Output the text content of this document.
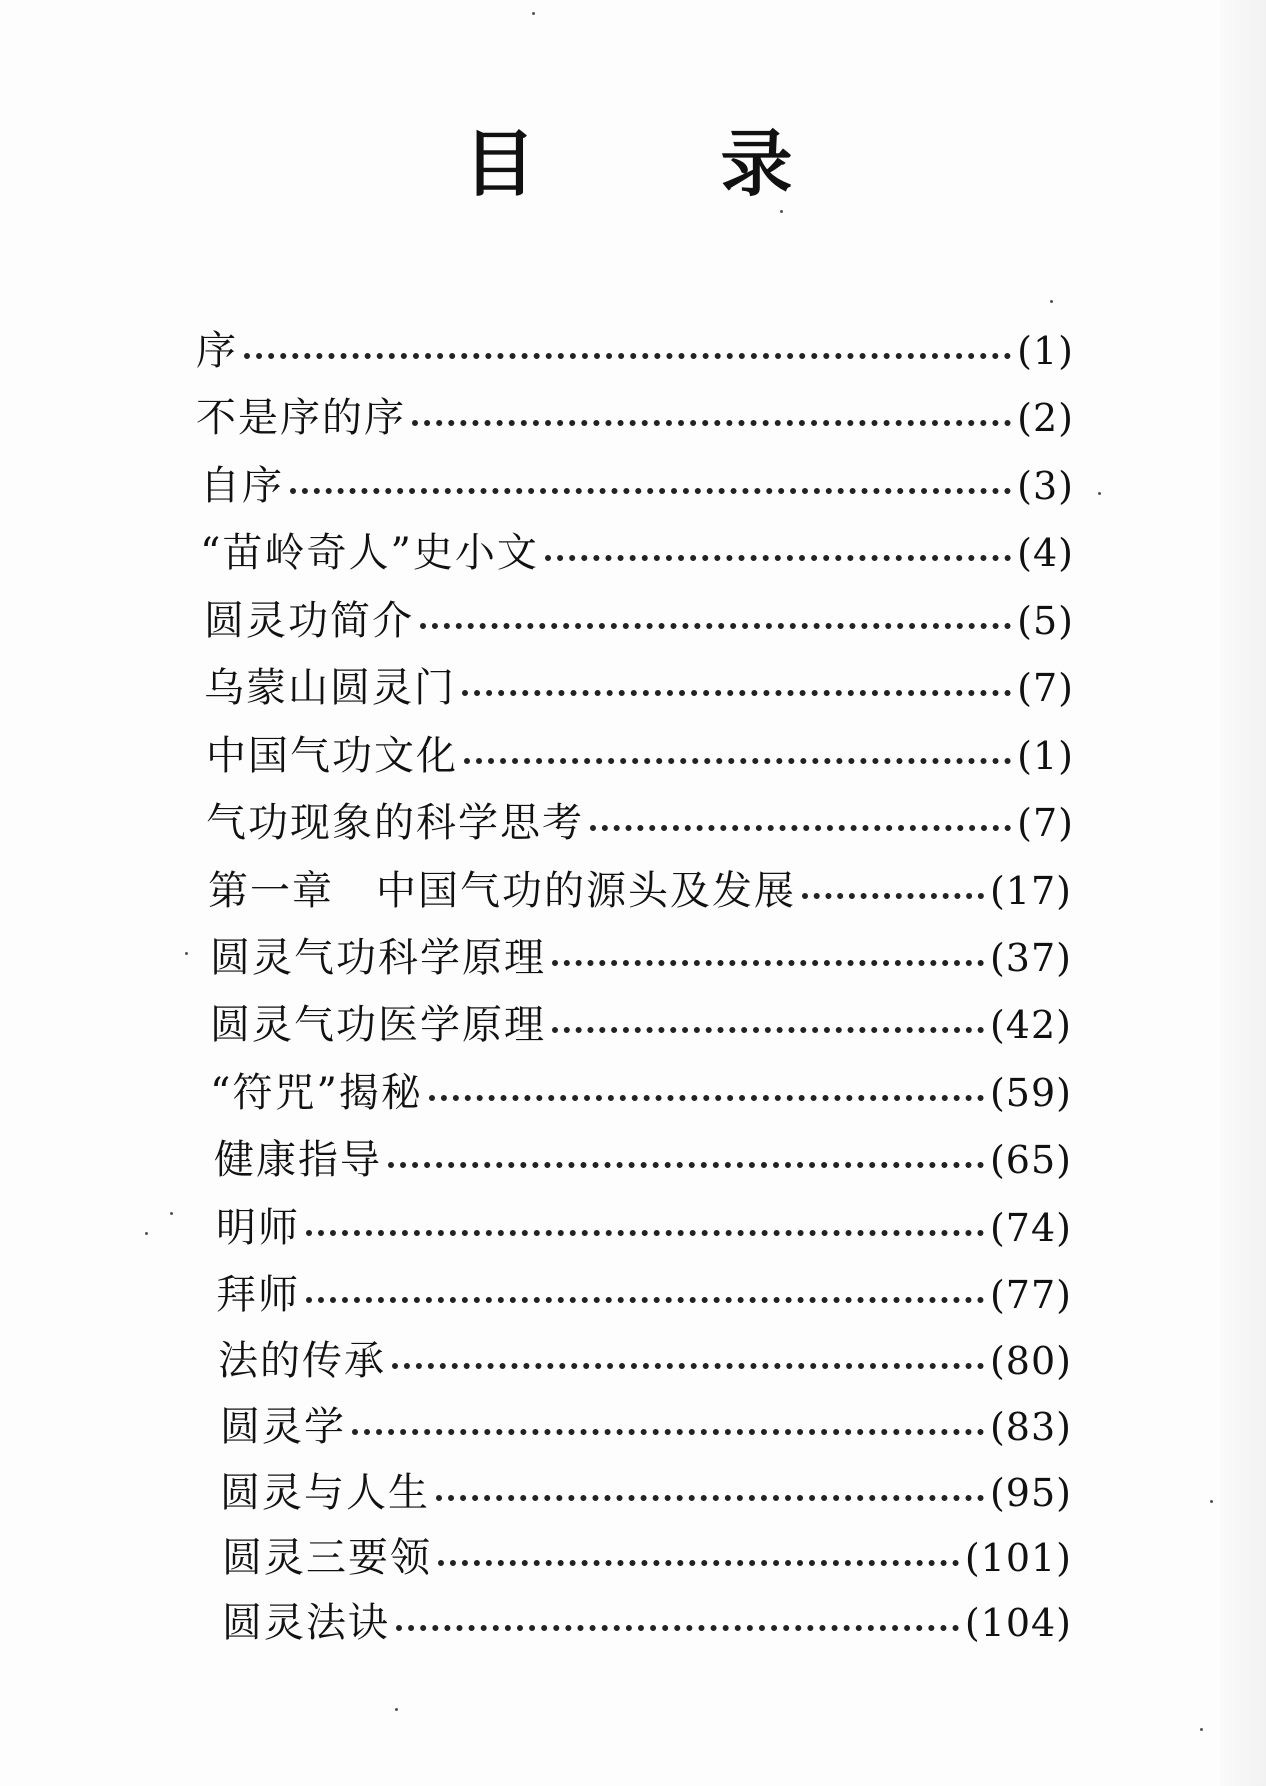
目 录
序	(1)
不是序的序	(2)
自序	(3)
“苗岭奇人”史小文	(4)
圆灵功简介	(5)
乌蒙山圆灵门	(7)
中国气功文化	(1)
气功现象的科学思考	(7)
第一章　中国气功的源头及发展	(17)
圆灵气功科学原理	(37)
圆灵气功医学原理	(42)
“符咒”揭秘	(59)
健康指导	(65)
明师	(74)
拜师	(77)
法的传承	(80)
圆灵学	(83)
圆灵与人生	(95)
圆灵三要领	(101)
圆灵法诀	(104)
